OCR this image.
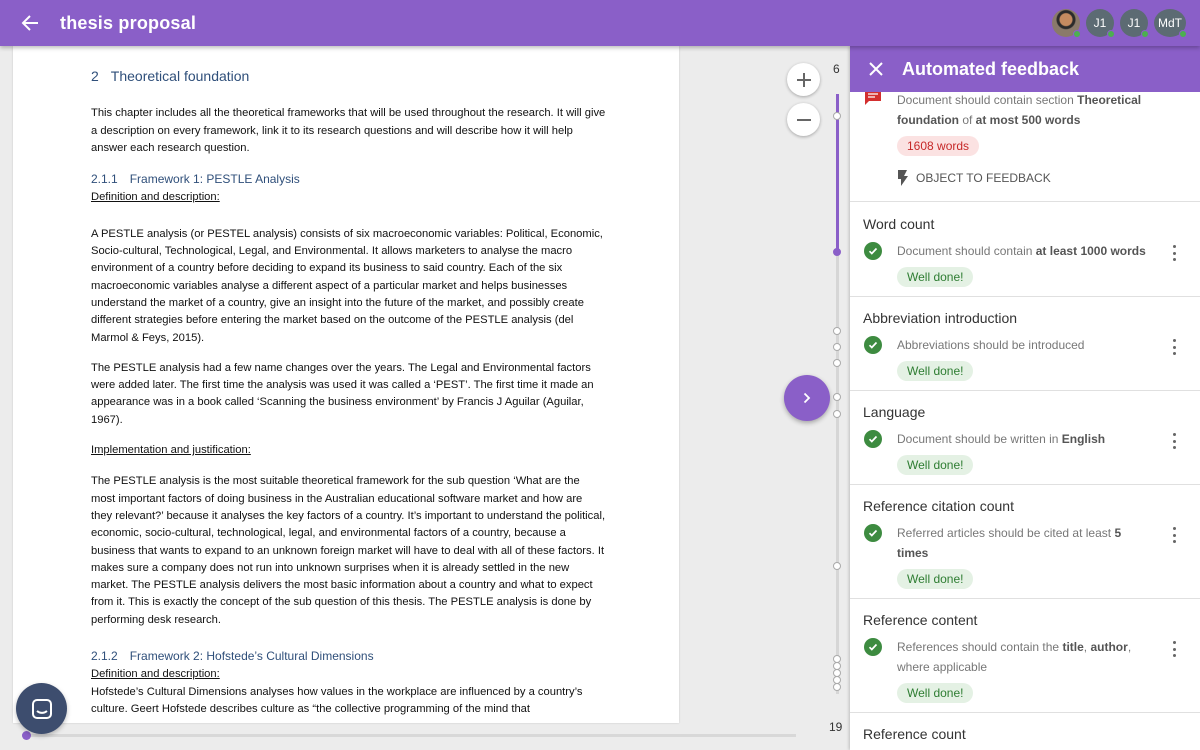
thesis proposal	J1 J1 MdT
2 Theoretical foundation
This chapter includes all the theoretical frameworks that will be used throughout the research. It will give a description on every framework, link it to its research questions and will describe how it will help answer each research question.
2.1.1 Framework 1: PESTLE Analysis
Definition and description:
A PESTLE analysis (or PESTEL analysis) consists of six macroeconomic variables: Political, Economic, Socio-cultural, Technological, Legal, and Environmental. It allows marketers to analyse the macro environment of a country before deciding to expand its business to said country. Each of the six macroeconomic variables analyse a different aspect of a particular market and helps businesses understand the market of a country, give an insight into the future of the market, and possibly create different strategies before entering the market based on the outcome of the PESTLE analysis (del Marmol & Feys, 2015).
The PESTLE analysis had a few name changes over the years. The Legal and Environmental factors were added later. The first time the analysis was used it was called a ‘PEST’. The first time it made an appearance was in a book called ‘Scanning the business environment’ by Francis J Aguilar (Aguilar, 1967).
Implementation and justification:
The PESTLE analysis is the most suitable theoretical framework for the sub question ‘What are the most important factors of doing business in the Australian educational software market and how are they relevant?’ because it analyses the key factors of a country. It’s important to understand the political, economic, socio-cultural, technological, legal, and environmental factors of a country, because a business that wants to expand to an unknown foreign market will have to deal with all of these factors. It makes sure a company does not run into unknown surprises when it is already settled in the new market. The PESTLE analysis delivers the most basic information about a country and what to expect from it. This is exactly the concept of the sub question of this thesis. The PESTLE analysis is done by performing desk research.
2.1.2 Framework 2: Hofstede’s Cultural Dimensions
Definition and description:
Hofstede’s Cultural Dimensions analyses how values in the workplace are influenced by a country’s culture. Geert Hofstede describes culture as “the collective programming of the mind that
6
19
Automated feedback
Document should contain section Theoretical foundation of at most 500 words
1608 words
OBJECT TO FEEDBACK
Word count
Document should contain at least 1000 words
Well done!
Abbreviation introduction
Abbreviations should be introduced
Well done!
Language
Document should be written in English
Well done!
Reference citation count
Referred articles should be cited at least 5 times
Well done!
Reference content
References should contain the title, author, where applicable
Well done!
Reference count
